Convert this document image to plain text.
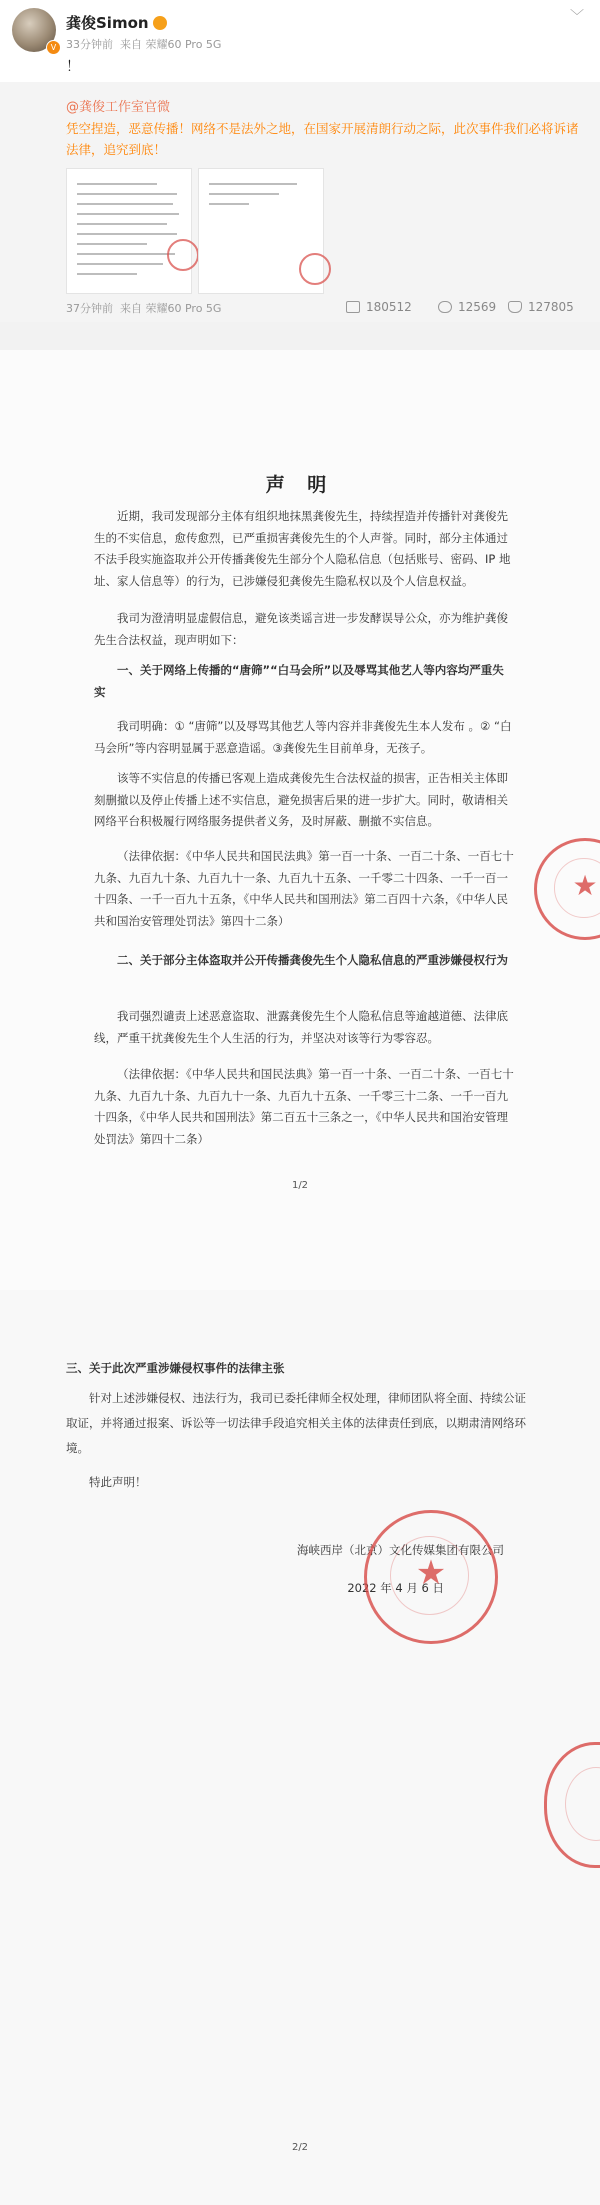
V
龚俊Simon
33分钟前 来自 荣耀60 Pro 5G
﹀
！
@龚俊工作室官微
凭空捏造，恶意传播！网络不是法外之地，在国家开展清朗行动之际，此次事件我们必将诉诸法律，追究到底！
37分钟前 来自 荣耀60 Pro 5G	180512	12569	127805
声 明
近期，我司发现部分主体有组织地抹黑龚俊先生，持续捏造并传播针对龚俊先生的不实信息，愈传愈烈，已严重损害龚俊先生的个人声誉。同时，部分主体通过不法手段实施盗取并公开传播龚俊先生部分个人隐私信息（包括账号、密码、IP 地址、家人信息等）的行为，已涉嫌侵犯龚俊先生隐私权以及个人信息权益。
我司为澄清明显虚假信息，避免该类谣言进一步发酵误导公众，亦为维护龚俊先生合法权益，现声明如下：
一、关于网络上传播的“唐筛”“白马会所”以及辱骂其他艺人等内容均严重失实
我司明确：① “唐筛”以及辱骂其他艺人等内容并非龚俊先生本人发布 。② “白马会所”等内容明显属于恶意造谣。③龚俊先生目前单身，无孩子。
该等不实信息的传播已客观上造成龚俊先生合法权益的损害，正告相关主体即刻删撤以及停止传播上述不实信息，避免损害后果的进一步扩大。同时，敬请相关网络平台积极履行网络服务提供者义务，及时屏蔽、删撤不实信息。
（法律依据：《中华人民共和国民法典》第一百一十条、一百二十条、一百七十九条、九百九十条、九百九十一条、九百九十五条、一千零二十四条、一千一百一十四条、一千一百九十五条，《中华人民共和国刑法》第二百四十六条，《中华人民共和国治安管理处罚法》第四十二条）
二、关于部分主体盗取并公开传播龚俊先生个人隐私信息的严重涉嫌侵权行为
我司强烈谴责上述恶意盗取、泄露龚俊先生个人隐私信息等逾越道德、法律底线，严重干扰龚俊先生个人生活的行为，并坚决对该等行为零容忍。
（法律依据：《中华人民共和国民法典》第一百一十条、一百二十条、一百七十九条、九百九十条、九百九十一条、九百九十五条、一千零三十二条、一千一百九十四条，《中华人民共和国刑法》第二百五十三条之一，《中华人民共和国治安管理处罚法》第四十二条）
1/2
★
三、关于此次严重涉嫌侵权事件的法律主张
针对上述涉嫌侵权、违法行为，我司已委托律师全权处理，律师团队将全面、持续公证取证，并将通过报案、诉讼等一切法律手段追究相关主体的法律责任到底，以期肃清网络环境。
特此声明！
海峡西岸（北京）文化传媒集团有限公司
2022 年 4 月 6 日
★
2/2
